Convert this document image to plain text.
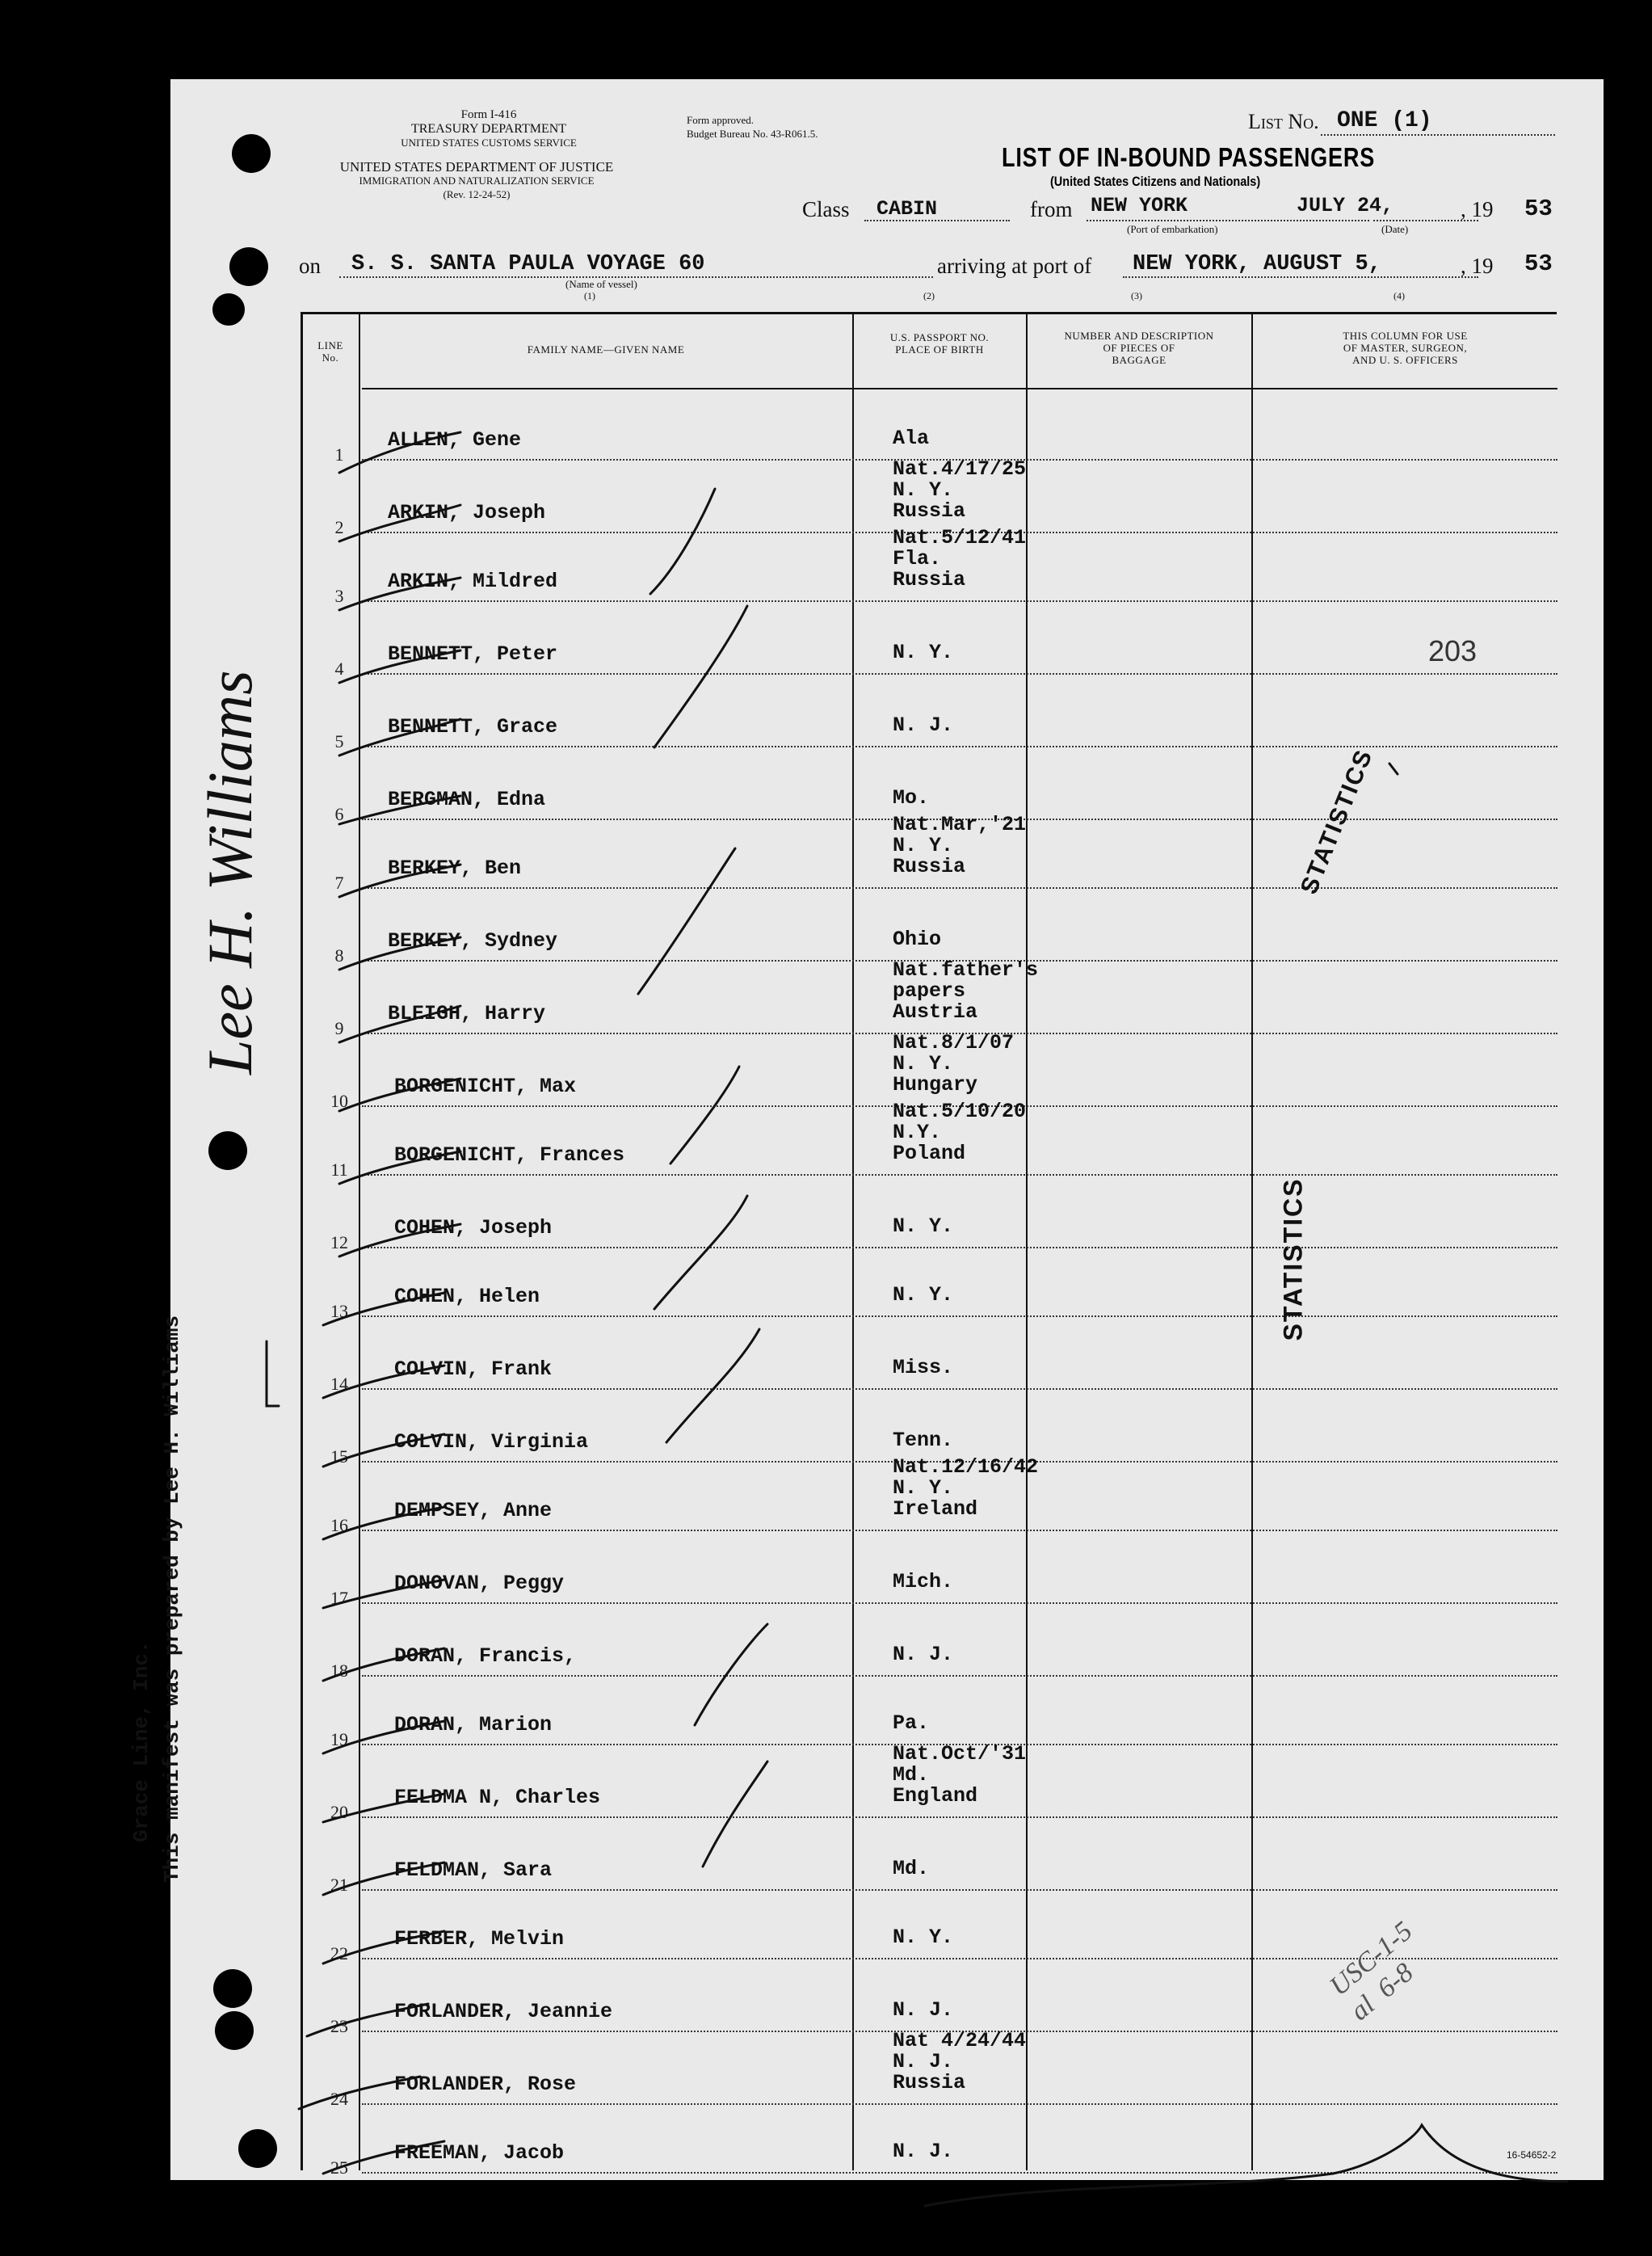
Form I-416
TREASURY DEPARTMENT
UNITED STATES CUSTOMS SERVICE
UNITED STATES DEPARTMENT OF JUSTICE
IMMIGRATION AND NATURALIZATION SERVICE
(Rev. 12-24-52)
Form approved.
Budget Bureau No. 43-R061.5.
List No. ONE (1)
LIST OF IN-BOUND PASSENGERS
(United States Citizens and Nationals)
Class CABIN	from NEW YORK
(Port of embarkation)
JULY 24,
(Date)
, 19 53
on S. S. SANTA PAULA VOYAGE 60
(Name of vessel)
(1)
arriving at port of NEW YORK, AUGUST 5,	, 19 53
(2)	(3)	(4)
LINE
No.
FAMILY NAME—GIVEN NAME
U.S. PASSPORT NO.
PLACE OF BIRTH
NUMBER AND DESCRIPTION
OF PIECES OF
BAGGAGE
THIS COLUMN FOR USE
OF MASTER, SURGEON,
AND U. S. OFFICERS
1
ALLEN, Gene	Ala
2
ARKIN, Joseph
Nat.4/17/25
N. Y.
Russia
3
ARKIN, Mildred
Nat.5/12/41
Fla.
Russia
4
BENNETT, Peter	N. Y.
5
BENNETT, Grace	N. J.
6
BERGMAN, Edna	Mo.
7
BERKEY, Ben
Nat.Mar,'21
N. Y.
Russia
8
BERKEY, Sydney	Ohio
9
BLEIGH, Harry
Nat.father's
papers
Austria
10
BORGENICHT, Max
Nat.8/1/07
N. Y.
Hungary
11
BORGENICHT, Frances
Nat.5/10/20
N.Y.
Poland
12
COHEN, Joseph	N. Y.
13
COHEN, Helen	N. Y.
14
COLVIN, Frank	Miss.
15
COLVIN, Virginia	Tenn.
16
DEMPSEY, Anne
Nat.12/16/42
N. Y.
Ireland
17
DONOVAN, Peggy	Mich.
18
DORAN, Francis,	N. J.
19
DORAN, Marion	Pa.
20
FELDMA N, Charles
Nat.Oct/'31
Md.
England
21
FELDMAN, Sara	Md.
22
FERBER, Melvin	N. Y.
23
FORLANDER, Jeannie	N. J.
24
FORLANDER, Rose
Nat 4/24/44
N. J.
Russia
25
FREEMAN, Jacob	N. J.
203
STATISTICS
STATISTICS
USC-1-5
al  6-8
Grace Line, Inc. This manifest was prepared by Lee H. Williams
Lee H. Williams
16-54652-2
